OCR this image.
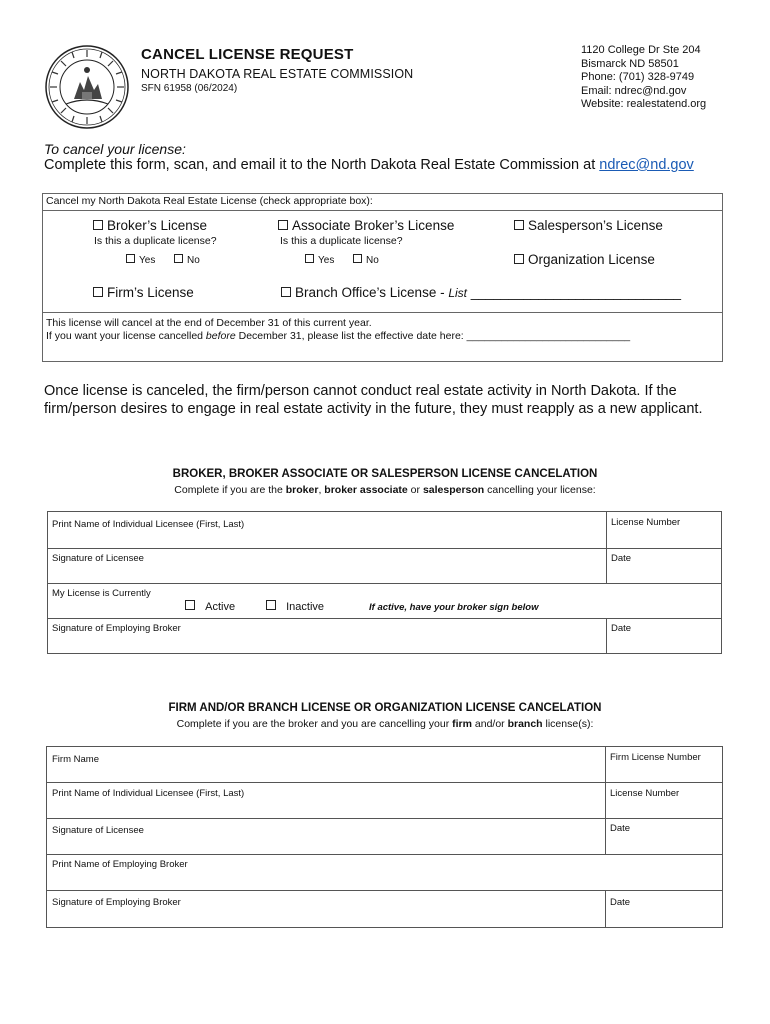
CANCEL LICENSE REQUEST
NORTH DAKOTA REAL ESTATE COMMISSION
SFN 61958 (06/2024)
1120 College Dr Ste 204
Bismarck ND 58501
Phone: (701) 328-9749
Email: ndrec@nd.gov
Website: realestatend.org
To cancel your license:
Complete this form, scan, and email it to the North Dakota Real Estate Commission at ndrec@nd.gov
Cancel my North Dakota Real Estate License (check appropriate box):
Broker’s License
Is this a duplicate license?
Yes	No
Associate Broker’s License
Is this a duplicate license?
Yes	No
Salesperson’s License
Organization License
Firm’s License	Branch Office’s License - List ____________________________
This license will cancel at the end of December 31 of this current year.
If you want your license cancelled before December 31, please list the effective date here: ____________________________
Once license is canceled, the firm/person cannot conduct real estate activity in North Dakota. If the firm/person desires to engage in real estate activity in the future, they must reapply as a new applicant.
BROKER, BROKER ASSOCIATE OR SALESPERSON LICENSE CANCELATION
Complete if you are the broker, broker associate or salesperson cancelling your license:
Print Name of Individual Licensee (First, Last)	License Number
Signature of Licensee	Date
My License is Currently
Active	Inactive	If active, have your broker sign below
Signature of Employing Broker	Date
FIRM AND/OR BRANCH LICENSE OR ORGANIZATION LICENSE CANCELATION
Complete if you are the broker and you are cancelling your firm and/or branch license(s):
Firm Name	Firm License Number
Print Name of Individual Licensee (First, Last)	License Number
Signature of Licensee	Date
Print Name of Employing Broker
Signature of Employing Broker	Date
